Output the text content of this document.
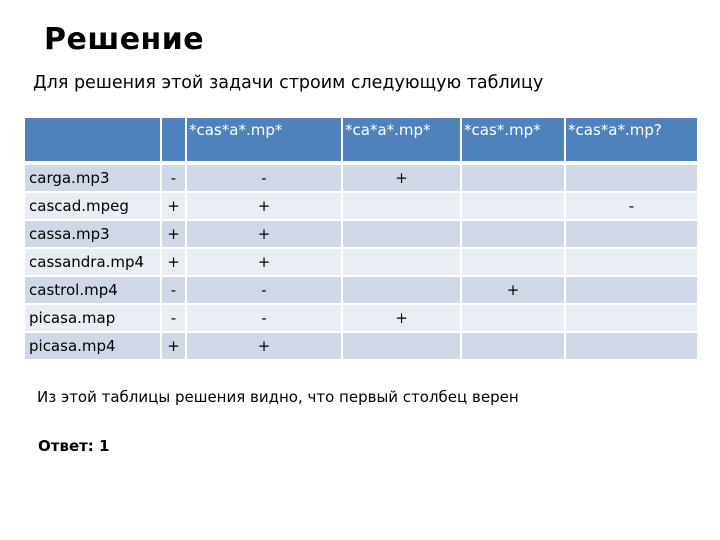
Решение
Для решения этой задачи строим следующую таблицу

		*cas*a*.mp*	*ca*a*.mp*	*cas*.mp*	*cas*a*.mp?

carga.mp3	-	-	+		
cascad.mpeg	+	+			-
cassa.mp3	+	+			
cassandra.mp4	+	+			
castrol.mp4	-	-		+	
picasa.map	-	-	+		
picasa.mp4	+	+			
Из этой таблицы решения видно, что первый столбец верен
Ответ: 1
